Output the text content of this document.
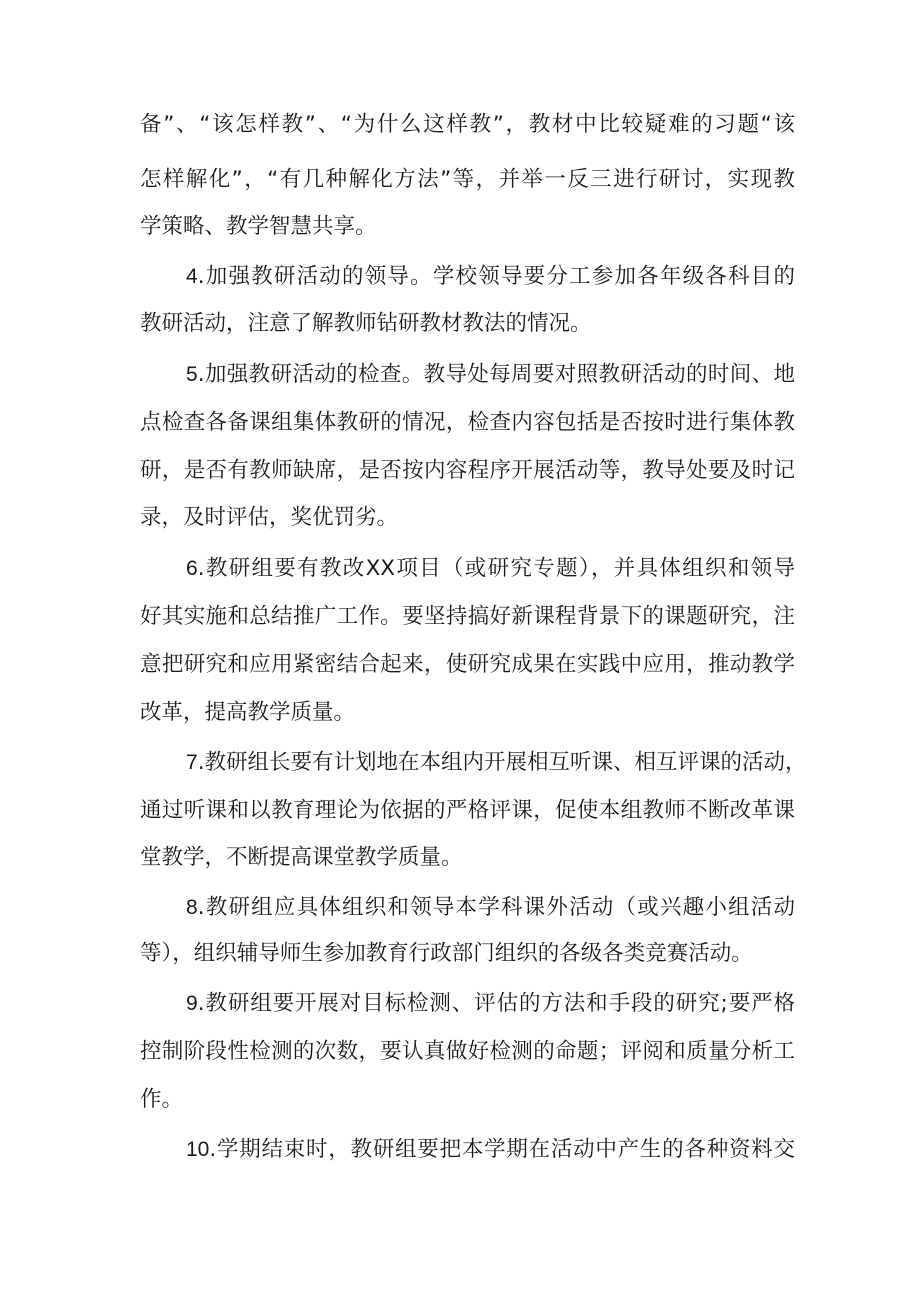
备”、“该怎样教”、“为什么这样教”，教材中比较疑难的习题“该
怎样解化”，“有几种解化方法”等，并举一反三进行研讨，实现教
学策略、教学智慧共享。
4.加强教研活动的领导。学校领导要分工参加各年级各科目的
教研活动，注意了解教师钻研教材教法的情况。
5.加强教研活动的检查。教导处每周要对照教研活动的时间、地
点检查各备课组集体教研的情况，检查内容包括是否按时进行集体教
研，是否有教师缺席，是否按内容程序开展活动等，教导处要及时记
录，及时评估，奖优罚劣。
6.教研组要有教改XX项目（或研究专题），并具体组织和领导
好其实施和总结推广工作。要坚持搞好新课程背景下的课题研究，注
意把研究和应用紧密结合起来，使研究成果在实践中应用，推动教学
改革，提高教学质量。
7.教研组长要有计划地在本组内开展相互听课、相互评课的活动，
通过听课和以教育理论为依据的严格评课，促使本组教师不断改革课
堂教学，不断提高课堂教学质量。
8.教研组应具体组织和领导本学科课外活动（或兴趣小组活动
等），组织辅导师生参加教育行政部门组织的各级各类竞赛活动。
9.教研组要开展对目标检测、评估的方法和手段的研究;要严格
控制阶段性检测的次数，要认真做好检测的命题；评阅和质量分析工
作。
10.学期结束时，教研组要把本学期在活动中产生的各种资料交
